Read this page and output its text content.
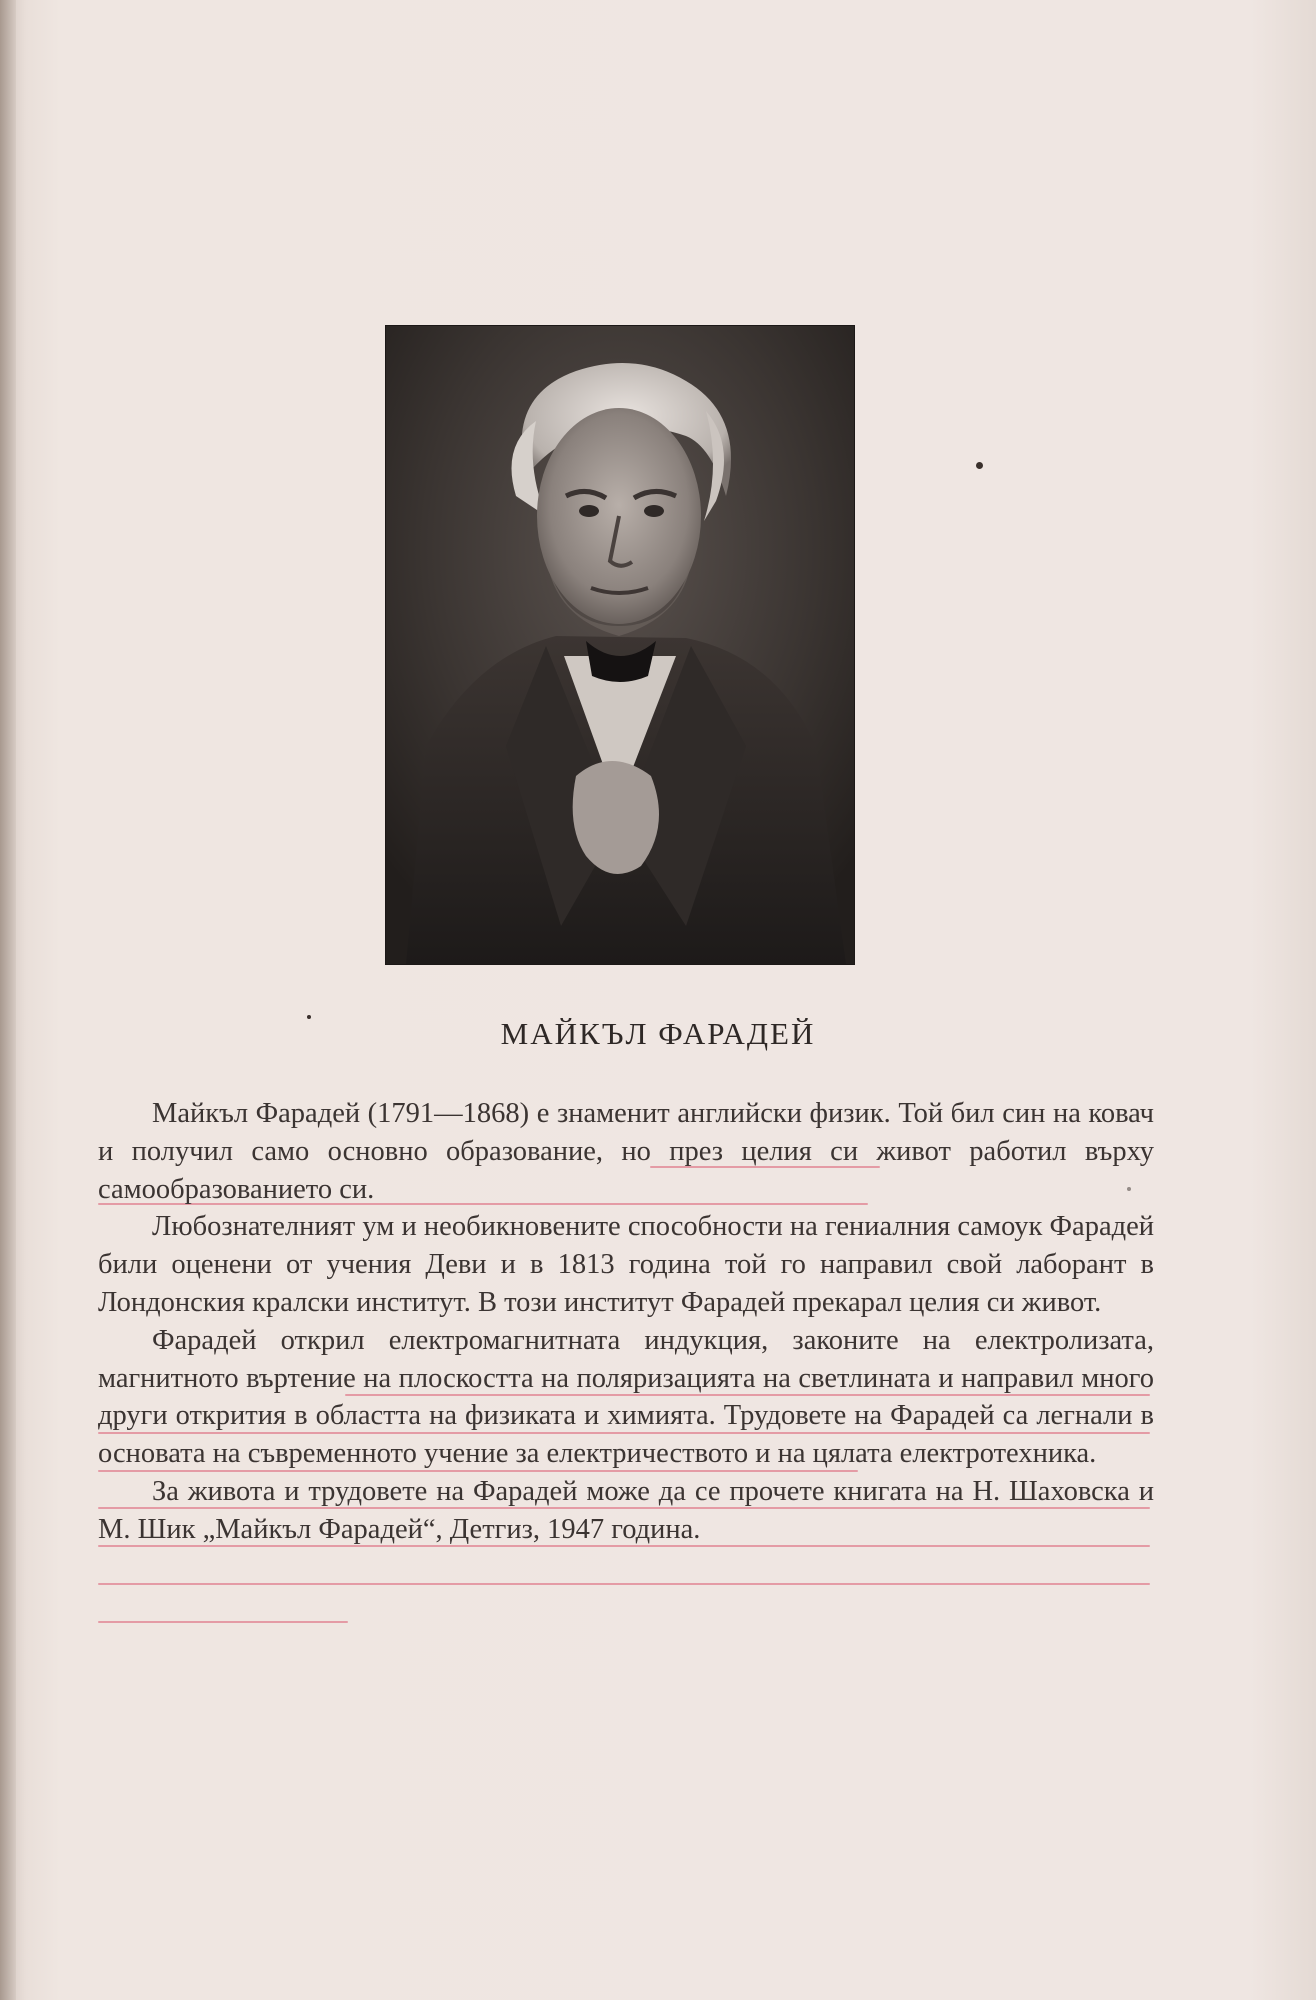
МАЙКЪЛ ФАРАДЕЙ

Майкъл Фарадей (1791—1868) е знаменит английски физик. Той бил син на ковач и получил само основно образование, но през целия си живот работил върху самообразованието си.

Любознателният ум и необикновените способности на гениалния самоук Фарадей били оценени от учения Деви и в 1813 година той го направил свой лаборант в Лондонския кралски институт. В този институт Фарадей прекарал целия си живот.

Фарадей открил електромагнитната индукция, законите на електролизата, магнитното въртение на плоскостта на поляризацията на светлината и направил много други открития в областта на физиката и химията. Трудовете на Фарадей са легнали в основата на съвременното учение за електричеството и на цялата електротехника.

За живота и трудовете на Фарадей може да се прочете книгата на Н. Шаховска и М. Шик „Майкъл Фарадей“, Детгиз, 1947 година.
